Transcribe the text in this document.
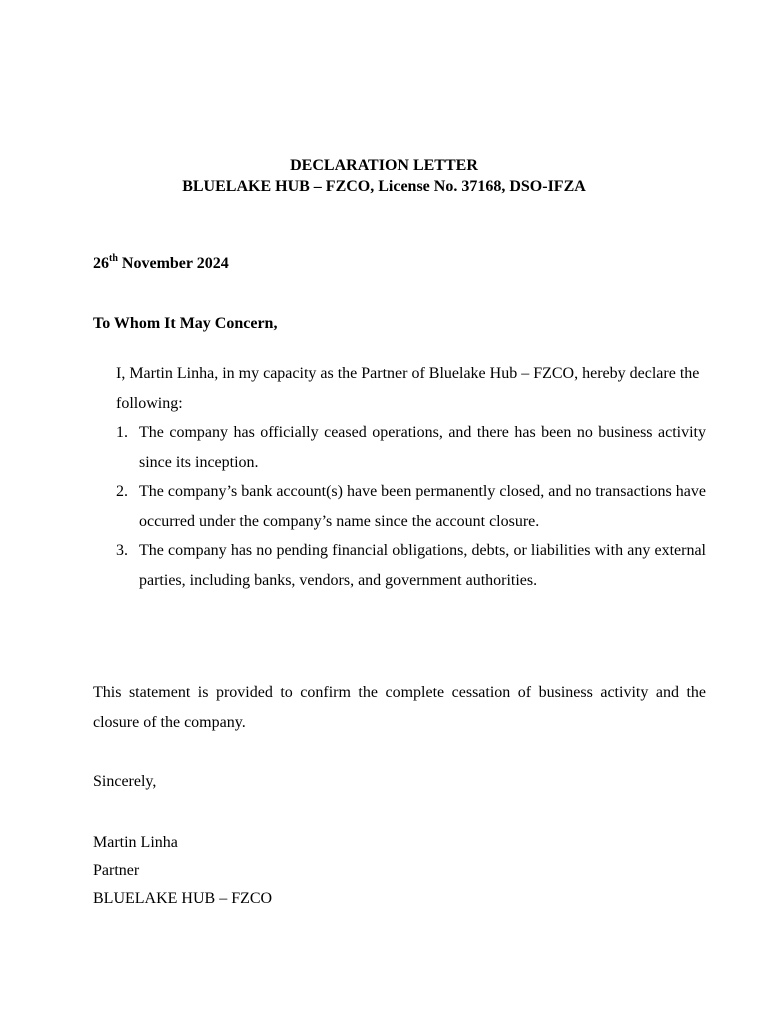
DECLARATION LETTER
BLUELAKE HUB – FZCO, License No. 37168, DSO-IFZA
26th November 2024
To Whom It May Concern,
I, Martin Linha, in my capacity as the Partner of Bluelake Hub – FZCO, hereby declare the following:
1. The company has officially ceased operations, and there has been no business activity since its inception.
2. The company’s bank account(s) have been permanently closed, and no transactions have occurred under the company’s name since the account closure.
3. The company has no pending financial obligations, debts, or liabilities with any external parties, including banks, vendors, and government authorities.
This statement is provided to confirm the complete cessation of business activity and the closure of the company.
Sincerely,
Martin Linha
Partner
BLUELAKE HUB – FZCO
